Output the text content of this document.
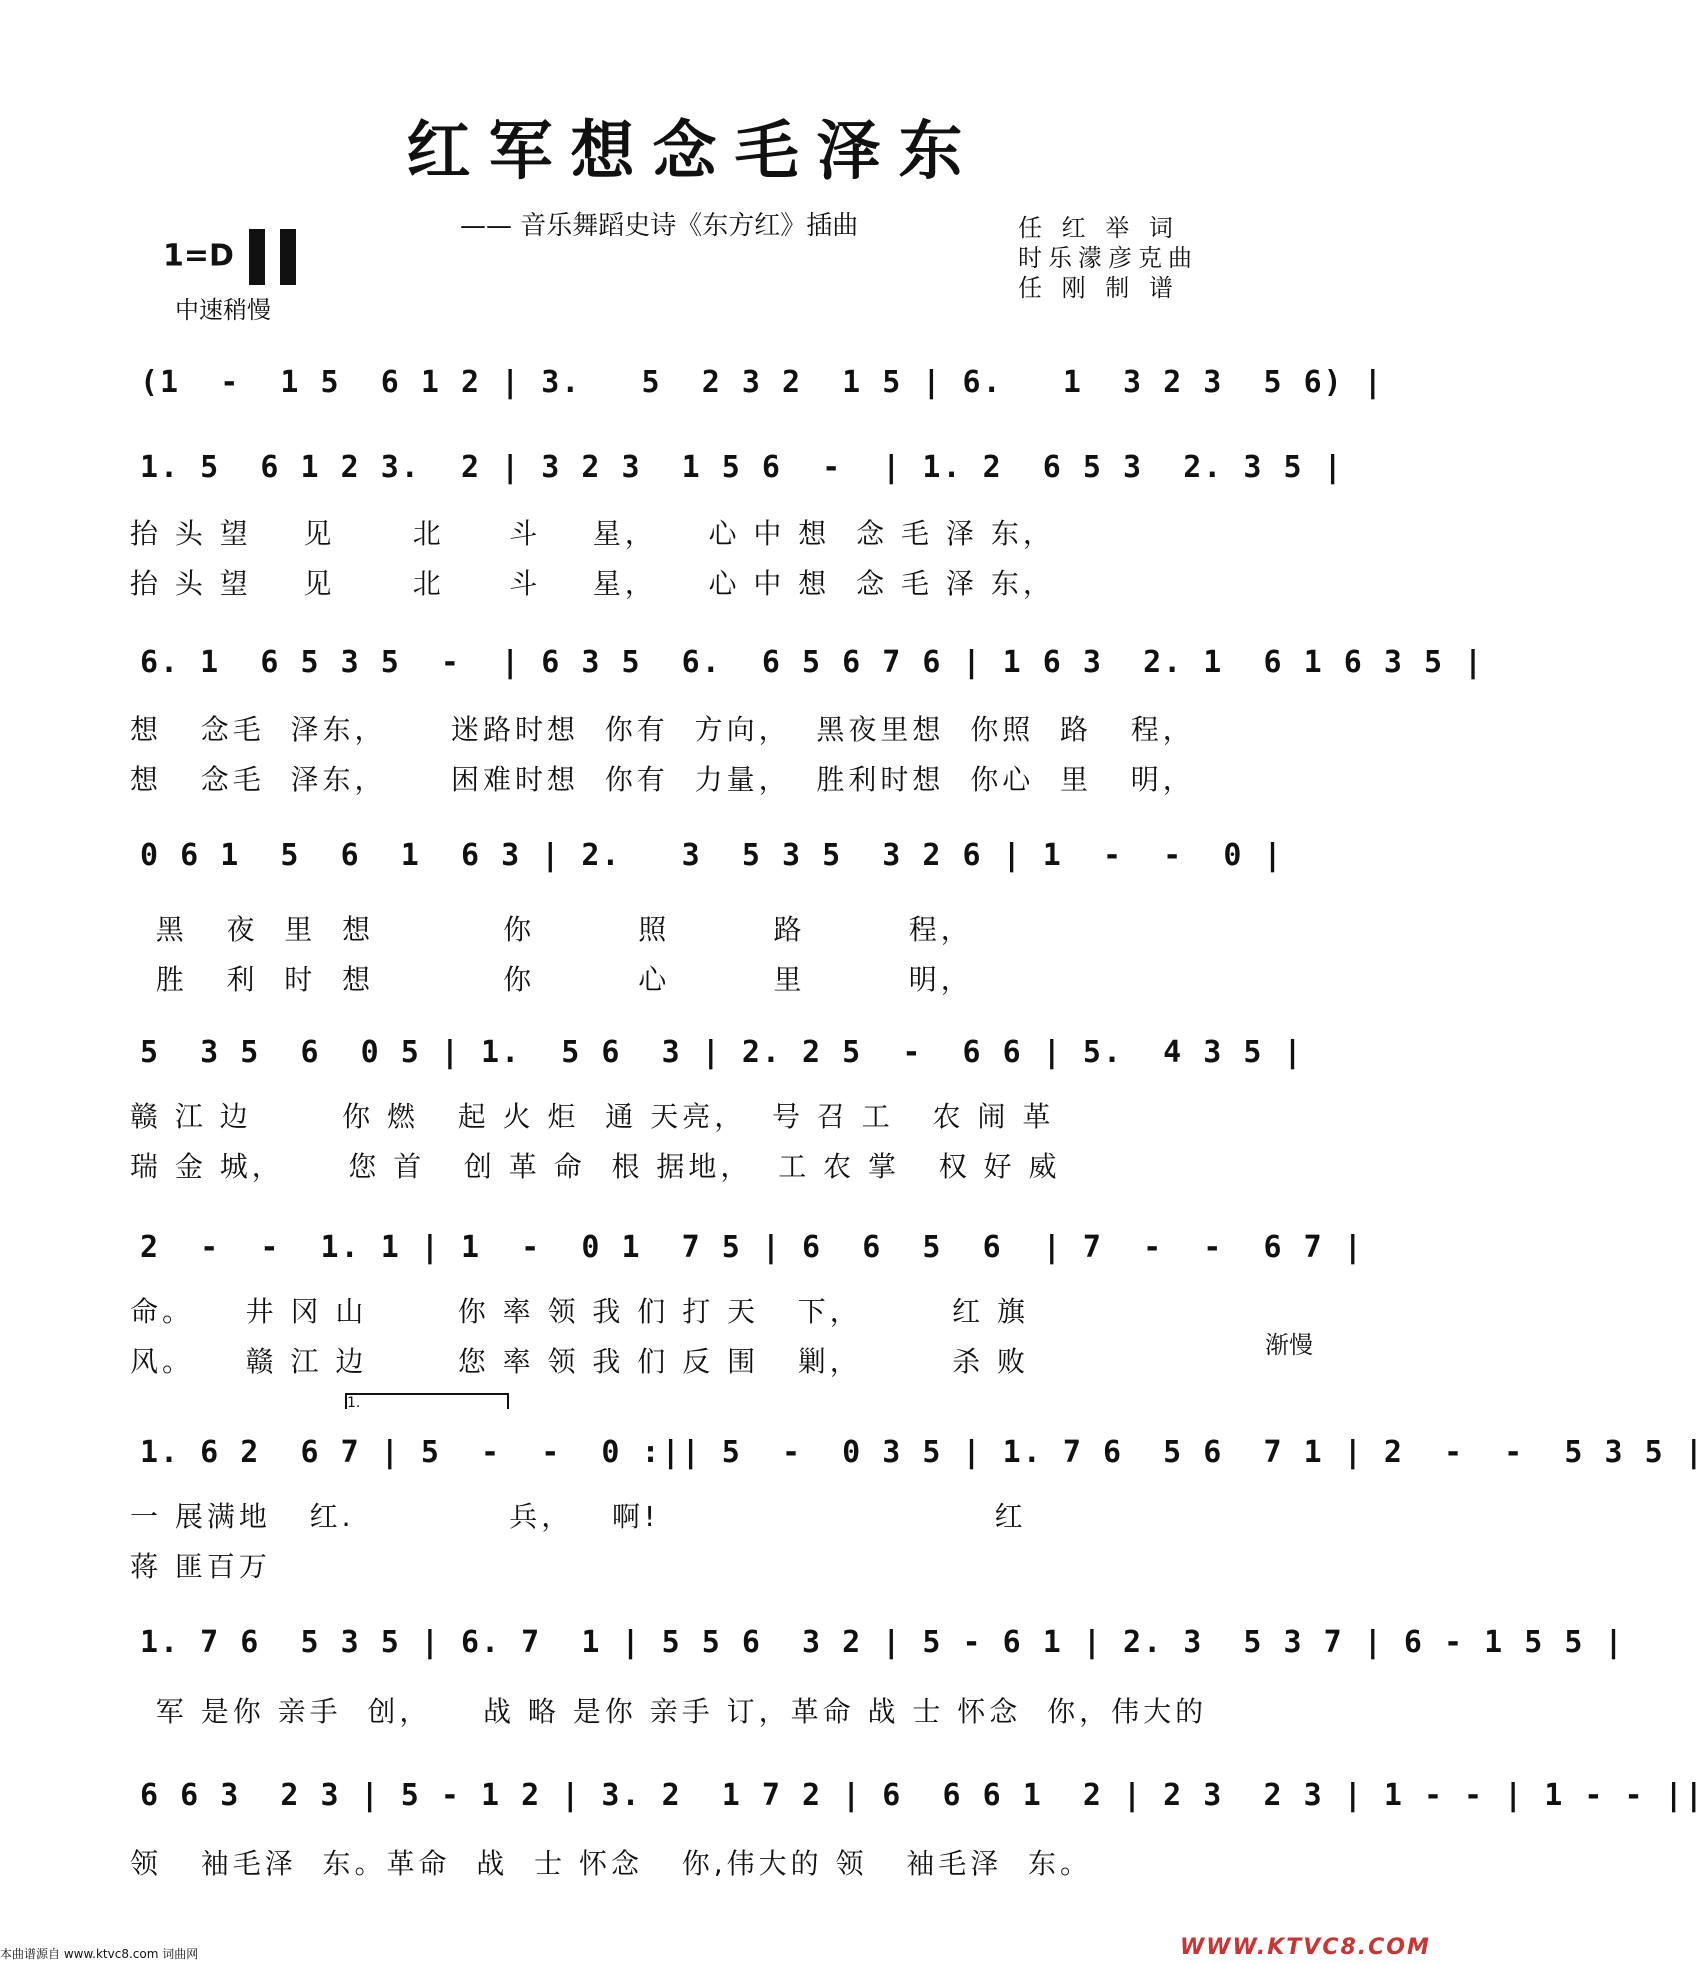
红军想念毛泽东
—— 音乐舞蹈史诗《东方红》插曲	任 红 举 词
时乐濛彦克曲
任 刚 制 谱
1=D

中速稍慢
(1  -  1 5  6 1 2 | 3.   5  2 3 2  1 5 | 6.   1  3 2 3  5 6) |
1. 5  6 1 2 3.  2 | 3 2 3  1 5 6  -  | 1. 2  6 5 3  2. 3 5 |
抬 头 望    见      北     斗    星，    心 中 想  念 毛 泽 东，
抬 头 望    见      北     斗    星，    心 中 想  念 毛 泽 东，
6. 1  6 5 3 5  -  | 6 3 5  6.  6 5 6 7 6 | 1 6 3  2. 1  6 1 6 3 5 |
想   念毛  泽东，     迷路时想  你有  方向，  黑夜里想  你照  路   程，
想   念毛  泽东，     困难时想  你有  力量，  胜利时想  你心  里   明，
0 6 1  5  6  1  6 3 | 2.   3  5 3 5  3 2 6 | 1  -  -  0 |
黑   夜  里  想          你        照        路        程，
胜   利  时  想          你        心        里        明，
5  3 5  6  0 5 | 1.  5 6  3 | 2. 2 5  -  6 6 | 5.  4 3 5 |
赣 江 边       你 燃   起 火 炬  通 天亮，  号 召 工   农 闹 革
瑞 金 城，     您 首   创 革 命  根 据地，  工 农 掌   权 好 威
2  -  -  1. 1 | 1  -  0 1  7 5 | 6  6  5  6  | 7  -  -  6 7 |
命。    井 冈 山       你 率 领 我 们 打 天   下，       红 旗
风。    赣 江 边       您 率 领 我 们 反 围   剿，       杀 败	渐慢
1.
1. 6 2  6 7 | 5  -  -  0 :|| 5  -  0 3 5 | 1. 7 6  5 6  7 1 | 2  -  -  5 3 5 |
一 展满地   红.            兵，   啊!                          红
蒋 匪百万
1. 7 6  5 3 5 | 6. 7  1 | 5 5 6  3 2 | 5 - 6 1 | 2. 3  5 3 7 | 6 - 1 5 5 |
军 是你 亲手  创，    战 略 是你 亲手 订，革命 战 士 怀念  你，伟大的
6 6 3  2 3 | 5 - 1 2 | 3. 2  1 7 2 | 6  6 6 1  2 | 2 3  2 3 | 1 - - | 1 - - ||
领   袖毛泽  东。革命  战  士 怀念   你,伟大的 领   袖毛泽  东。
本曲谱源自 www.ktvc8.com 词曲网	WWW.KTVC8.COM
